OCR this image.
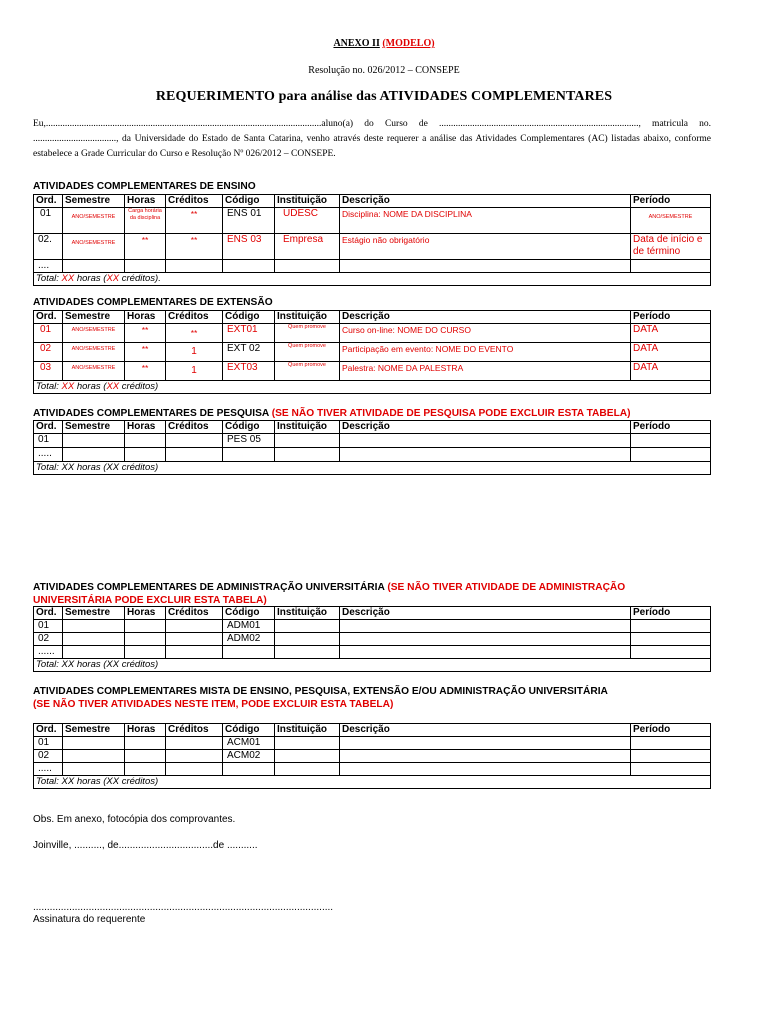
ANEXO II (MODELO)
Resolução no. 026/2012 – CONSEPE
REQUERIMENTO para análise das ATIVIDADES COMPLEMENTARES
Eu,....................................................................................................................aluno(a) do Curso de ...................................................................................., matricula no. ..................................., da Universidade do Estado de Santa Catarina, venho através deste requerer a análise das Atividades Complementares (AC) listadas abaixo, conforme estabelece a Grade Curricular do Curso e Resolução Nº 026/2012 – CONSEPE.
ATIVIDADES COMPLEMENTARES DE ENSINO
Ord.	Semestre	Horas	Créditos	Código	Instituição	Descrição	Período
01	ANO/SEMESTRE	Carga horária da disciplina	**	ENS 01	UDESC	Disciplina: NOME DA DISCIPLINA	ANO/SEMESTRE

02.	ANO/SEMESTRE	**	**	ENS 03	Empresa	Estágio não obrigatório	Data de início e de término
....							
Total: XX horas (XX créditos).							
ATIVIDADES COMPLEMENTARES DE EXTENSÃO
Ord.	Semestre	Horas	Créditos	Código	Instituição	Descrição	Período
01	ANO/SEMESTRE	**	**	EXT01	Quem promove	Curso on-line: NOME DO CURSO	DATA
02	ANO/SEMESTRE	**	1	EXT 02	Quem promove	Participação em evento: NOME DO EVENTO	DATA
03	ANO/SEMESTRE	**	1	EXT03	Quem promove	Palestra: NOME DA PALESTRA	DATA
Total: XX horas (XX créditos)							
ATIVIDADES COMPLEMENTARES DE PESQUISA (SE NÃO TIVER ATIVIDADE DE PESQUISA PODE EXCLUIR ESTA TABELA)
Ord.	Semestre	Horas	Créditos	Código	Instituição	Descrição	Período
01				PES 05			
.....							
Total: XX horas (XX créditos)							
ATIVIDADES COMPLEMENTARES DE ADMINISTRAÇÃO UNIVERSITÁRIA (SE NÃO TIVER ATIVIDADE DE ADMINISTRAÇÃO
UNIVERSITÁRIA PODE EXCLUIR ESTA TABELA)
Ord.	Semestre	Horas	Créditos	Código	Instituição	Descrição	Período
01				ADM01			
02				ADM02			
......							
Total: XX horas (XX créditos)							
ATIVIDADES COMPLEMENTARES MISTA DE ENSINO, PESQUISA, EXTENSÃO E/OU ADMINISTRAÇÃO UNIVERSITÁRIA
(SE NÃO TIVER ATIVIDADES NESTE ITEM, PODE EXCLUIR ESTA TABELA)
Ord.	Semestre	Horas	Créditos	Código	Instituição	Descrição	Período
01				ACM01			
02				ACM02			
.....							
Total: XX horas (XX créditos)							
Obs. Em anexo, fotocópia dos comprovantes.
Joinville, .........., de..................................de ...........
............................................................................................................
Assinatura do requerente
